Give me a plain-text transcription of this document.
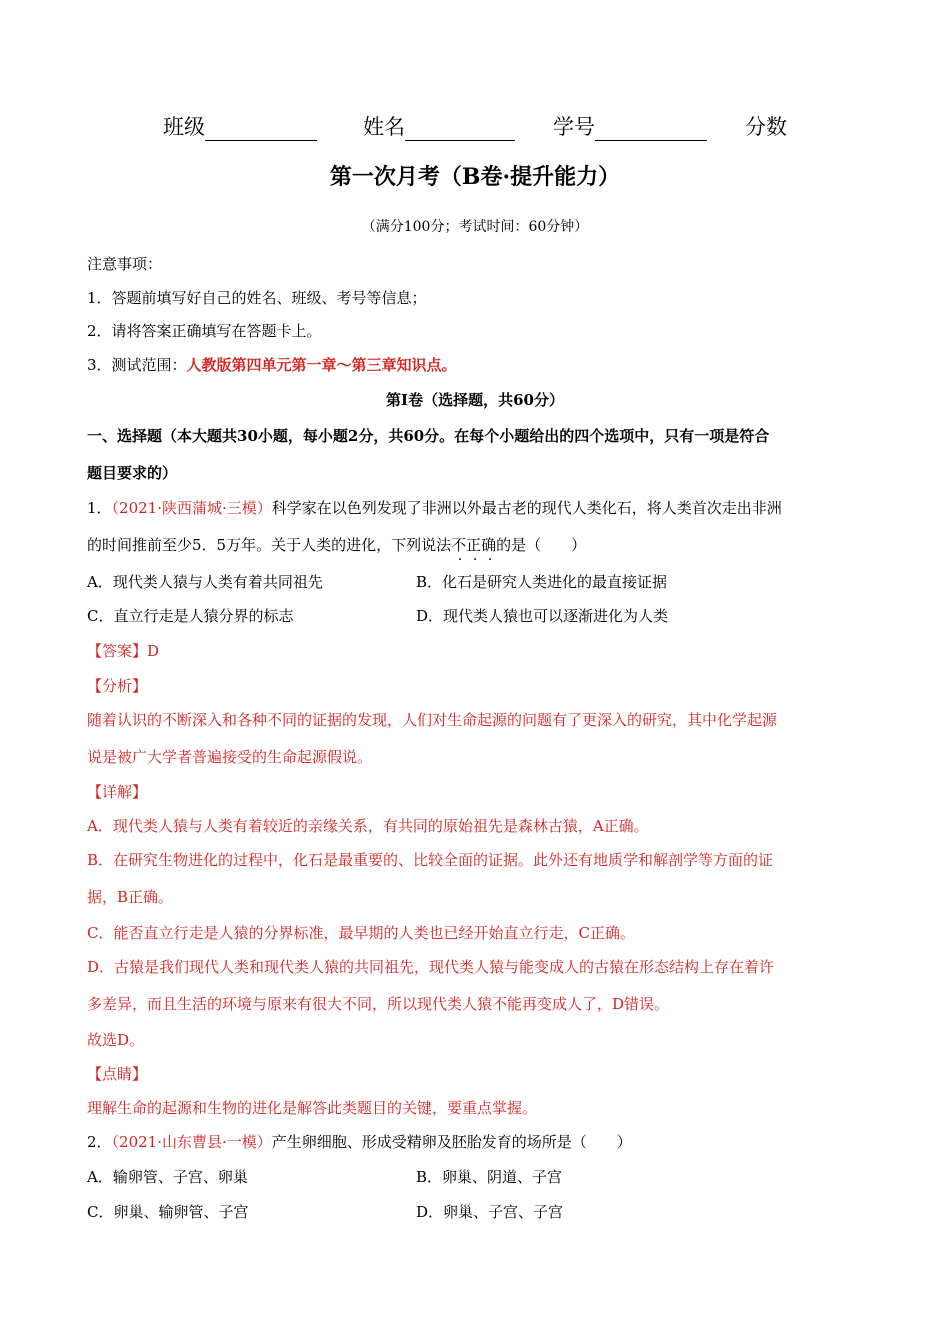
班级	姓名	学号	分数
第一次月考（B卷·提升能力）
（满分100分；考试时间：60分钟）
注意事项：
1．答题前填写好自己的姓名、班级、考号等信息；
2．请将答案正确填写在答题卡上。
3．测试范围：人教版第四单元第一章～第三章知识点。
第Ⅰ卷（选择题，共60分）
一、选择题（本大题共30小题，每小题2分，共60分。在每个小题给出的四个选项中，只有一项是符合
题目要求的）
1．（2021·陕西蒲城·三模）科学家在以色列发现了非洲以外最古老的现代人类化石，将人类首次走出非洲
的时间推前至少5．5万年。关于人类的进化，下列说法不正确的是（　　）
A．现代类人猿与人类有着共同祖先	B．化石是研究人类进化的最直接证据
C．直立行走是人猿分界的标志	D．现代类人猿也可以逐渐进化为人类
【答案】D
【分析】
随着认识的不断深入和各种不同的证据的发现，人们对生命起源的问题有了更深入的研究，其中化学起源
说是被广大学者普遍接受的生命起源假说。
【详解】
A．现代类人猿与人类有着较近的亲缘关系，有共同的原始祖先是森林古猿，A正确。
B．在研究生物进化的过程中，化石是最重要的、比较全面的证据。此外还有地质学和解剖学等方面的证
据，B正确。
C．能否直立行走是人猿的分界标准，最早期的人类也已经开始直立行走，C正确。
D．古猿是我们现代人类和现代类人猿的共同祖先，现代类人猿与能变成人的古猿在形态结构上存在着许
多差异，而且生活的环境与原来有很大不同，所以现代类人猿不能再变成人了，D错误。
故选D。
【点睛】
理解生命的起源和生物的进化是解答此类题目的关键，要重点掌握。
2．（2021·山东曹县·一模）产生卵细胞、形成受精卵及胚胎发育的场所是（　　）
A．输卵管、子宫、卵巢	B．卵巢、阴道、子宫
C．卵巢、输卵管、子宫	D．卵巢、子宫、子宫
